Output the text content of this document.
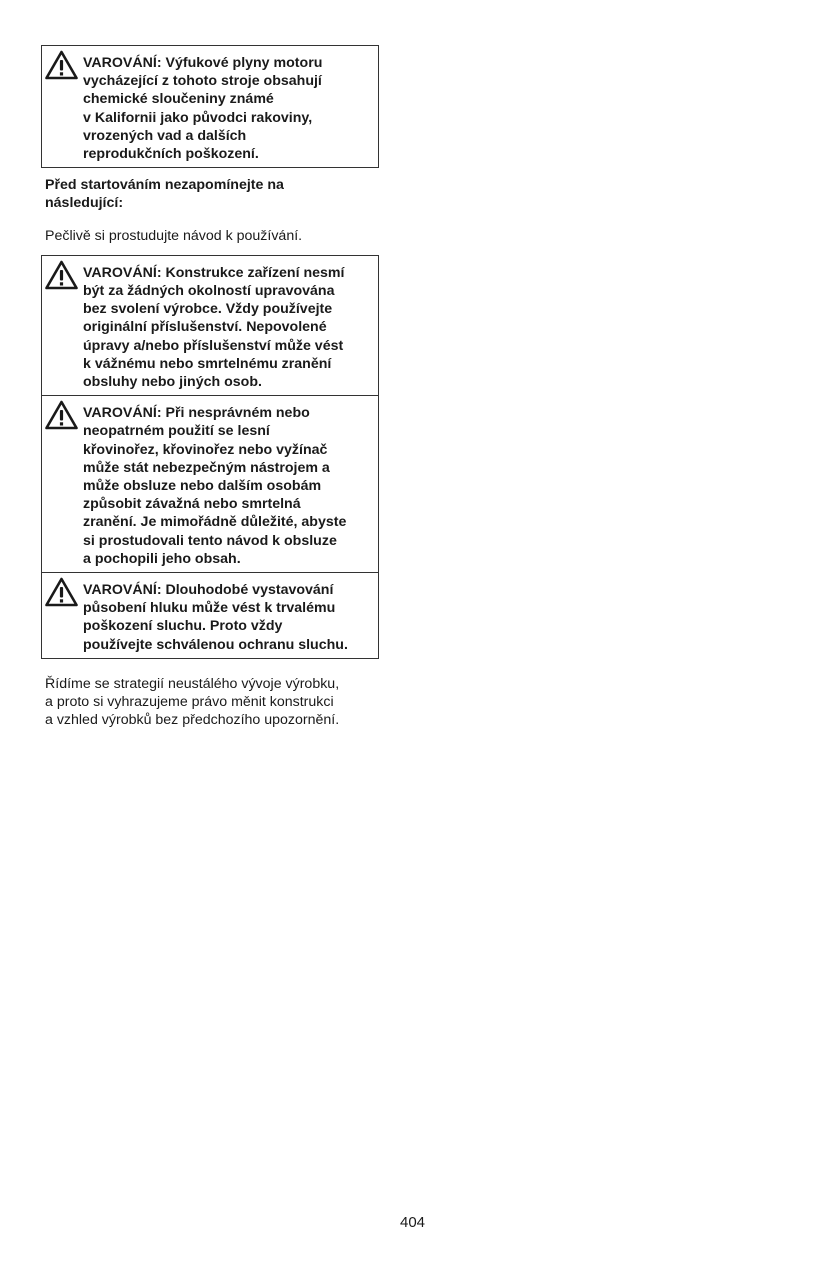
VAROVÁNÍ: Výfukové plyny motoru
vycházející z tohoto stroje obsahují
chemické sloučeniny známé
v Kalifornii jako původci rakoviny,
vrozených vad a dalších
reprodukčních poškození.

Před startováním nezapomínejte na
následující:

Pečlivě si prostudujte návod k používání.

VAROVÁNÍ: Konstrukce zařízení nesmí
být za žádných okolností upravována
bez svolení výrobce. Vždy používejte
originální příslušenství. Nepovolené
úpravy a/nebo příslušenství může vést
k vážnému nebo smrtelnému zranění
obsluhy nebo jiných osob.

VAROVÁNÍ: Při nesprávném nebo
neopatrném použití se lesní
křovinořez, křovinořez nebo vyžínač
může stát nebezpečným nástrojem a
může obsluze nebo dalším osobám
způsobit závažná nebo smrtelná
zranění. Je mimořádně důležité, abyste
si prostudovali tento návod k obsluze
a pochopili jeho obsah.

VAROVÁNÍ: Dlouhodobé vystavování
působení hluku může vést k trvalému
poškození sluchu. Proto vždy
používejte schválenou ochranu sluchu.

Řídíme se strategií neustálého vývoje výrobku,
a proto si vyhrazujeme právo měnit konstrukci
a vzhled výrobků bez předchozího upozornění.

404
